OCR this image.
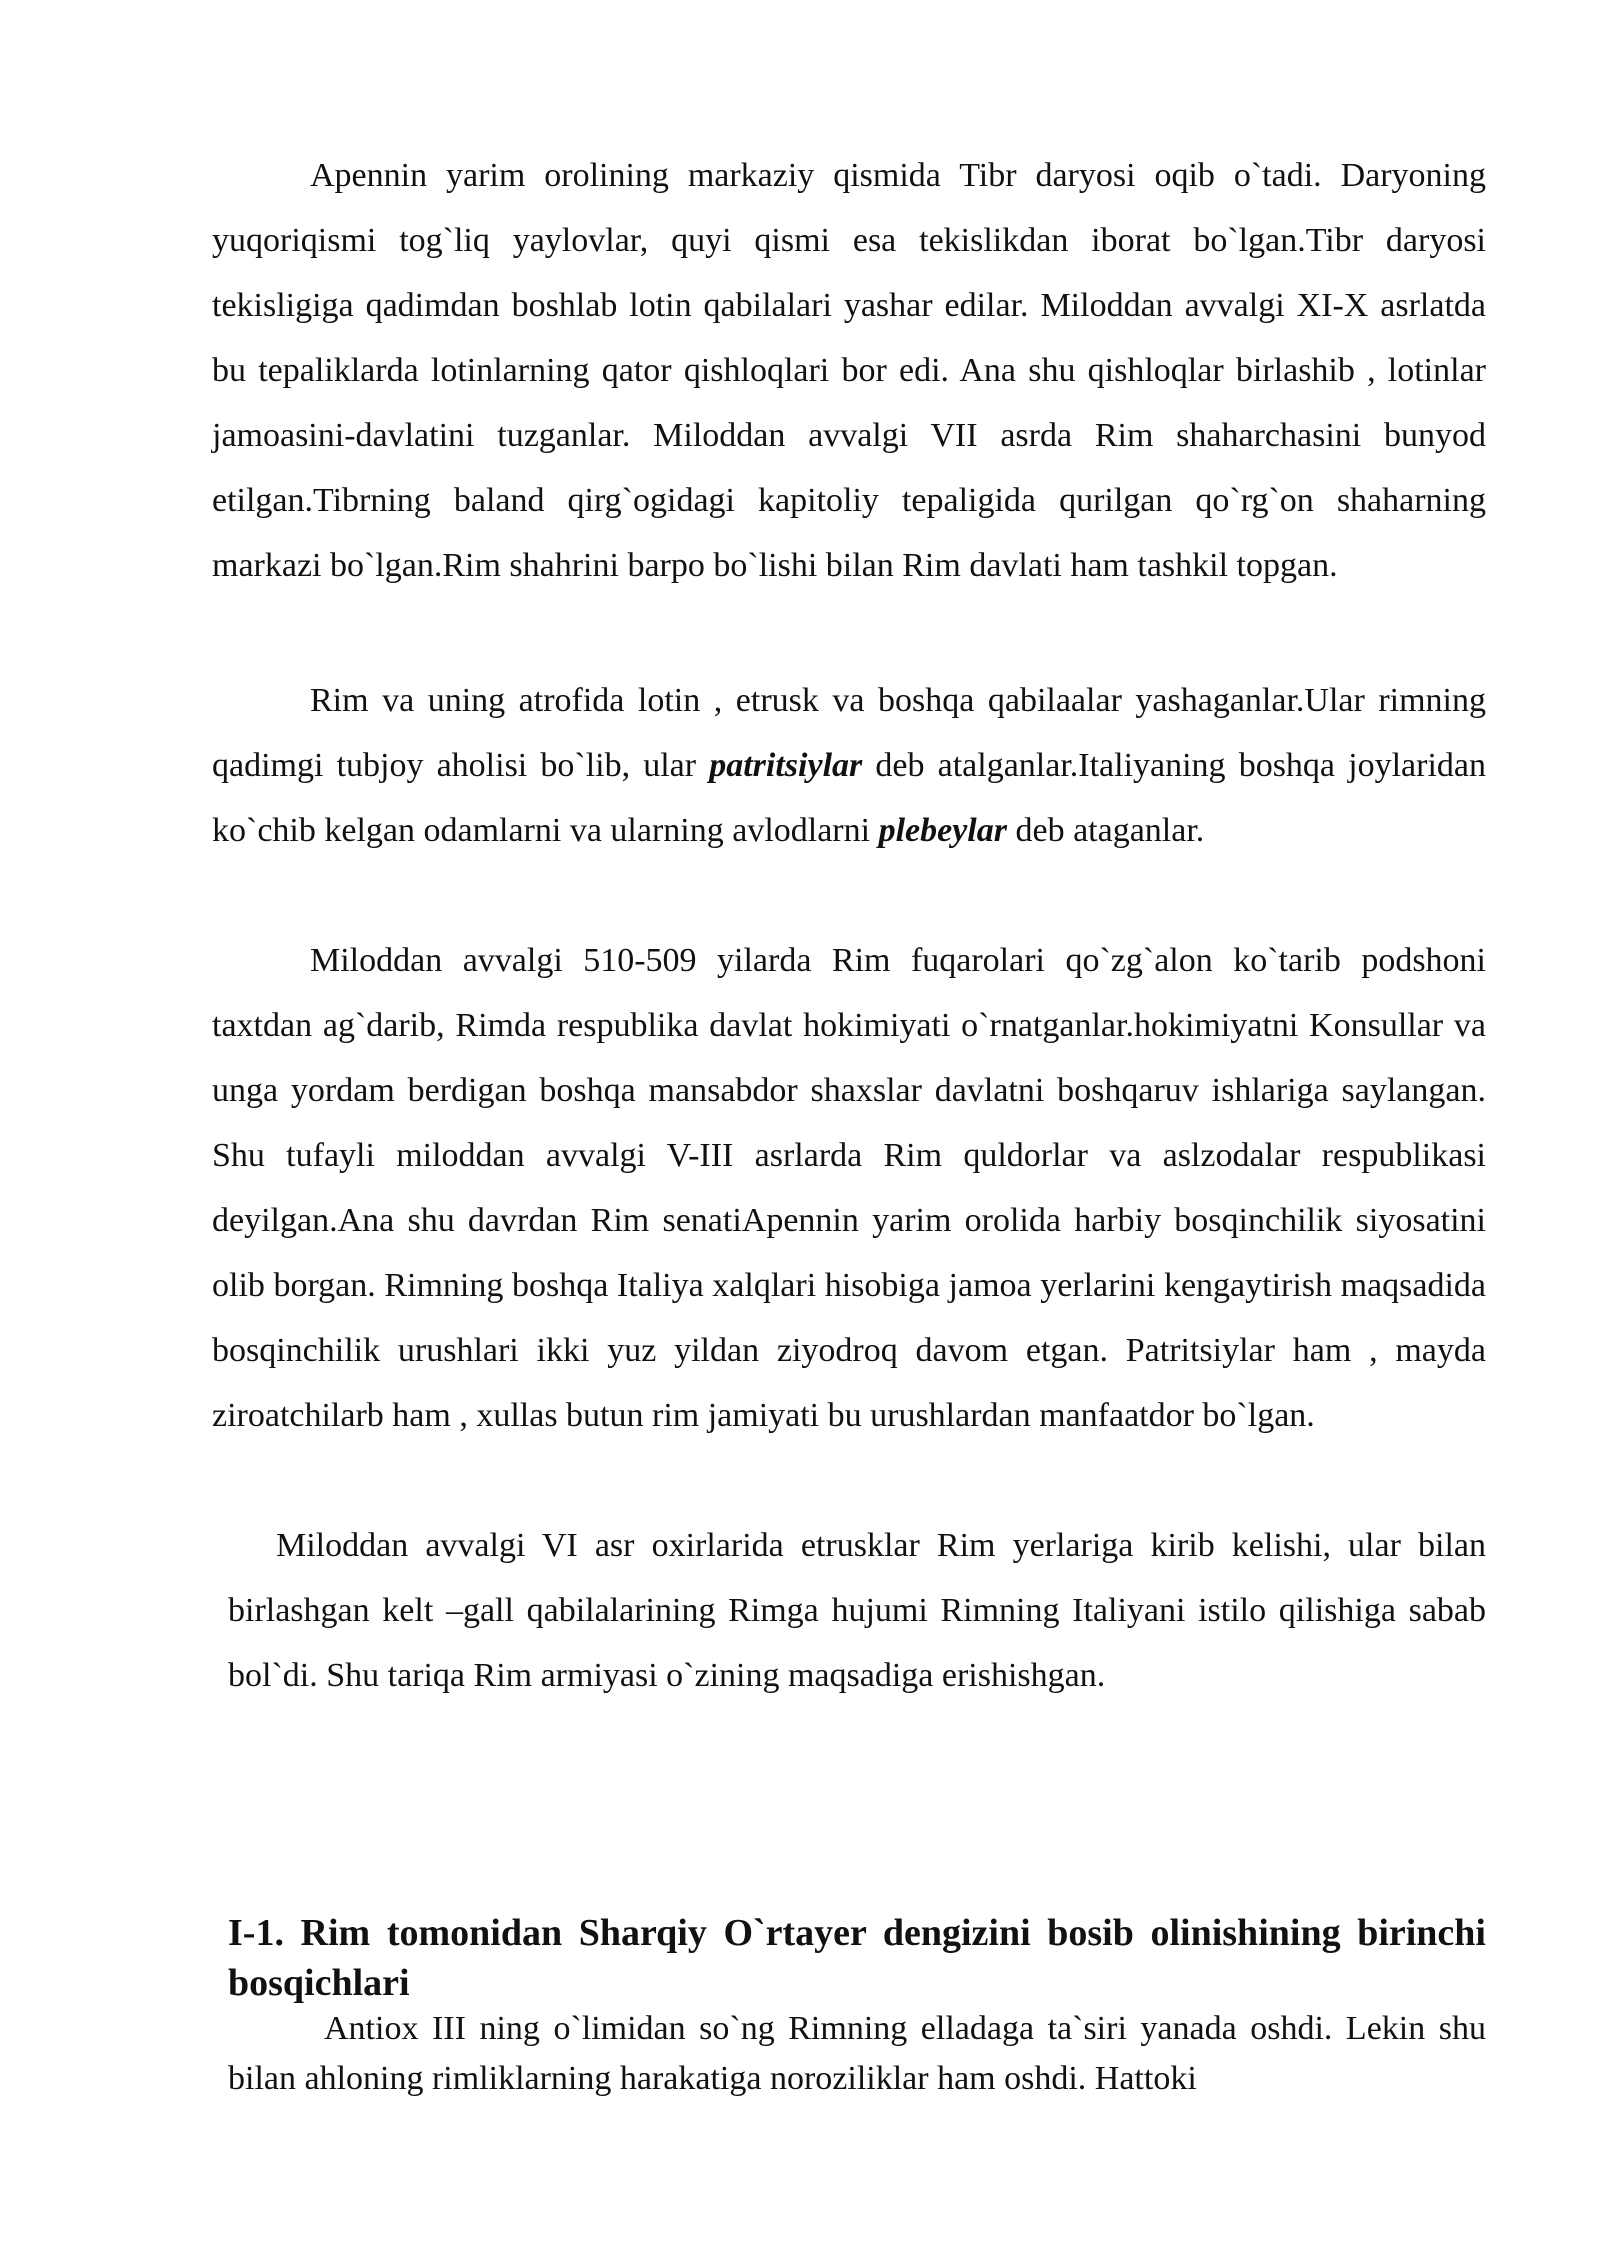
Apennin yarim orolining markaziy qismida Tibr daryosi oqib o`tadi. Daryoning yuqoriqismi tog`liq yaylovlar, quyi qismi esa tekislikdan iborat bo`lgan.Tibr daryosi tekisligiga qadimdan boshlab lotin qabilalari yashar edilar. Miloddan avvalgi XI-X asrlatda bu tepaliklarda lotinlarning qator qishloqlari bor edi. Ana shu qishloqlar birlashib , lotinlar jamoasini-davlatini tuzganlar. Miloddan avvalgi VII asrda Rim shaharchasini bunyod etilgan.Tibrning baland qirg`ogidagi kapitoliy tepaligida qurilgan qo`rg`on shaharning markazi bo`lgan.Rim shahrini barpo bo`lishi bilan Rim davlati ham tashkil topgan.

Rim va uning atrofida lotin , etrusk va boshqa qabilaalar yashaganlar.Ular rimning qadimgi tubjoy aholisi bo`lib, ular patritsiylar deb atalganlar.Italiyaning boshqa joylaridan ko`chib kelgan odamlarni va ularning avlodlarni plebeylar deb ataganlar.

Miloddan avvalgi 510-509 yilarda Rim fuqarolari qo`zg`alon ko`tarib podshoni taxtdan ag`darib, Rimda respublika davlat hokimiyati o`rnatganlar.hokimiyatni Konsullar va unga yordam berdigan boshqa mansabdor shaxslar davlatni boshqaruv ishlariga saylangan. Shu tufayli miloddan avvalgi V-III asrlarda Rim quldorlar va aslzodalar respublikasi deyilgan.Ana shu davrdan Rim senatiApennin yarim orolida harbiy bosqinchilik siyosatini olib borgan. Rimning boshqa Italiya xalqlari hisobiga jamoa yerlarini kengaytirish maqsadida bosqinchilik urushlari ikki yuz yildan ziyodroq davom etgan. Patritsiylar ham , mayda ziroatchilarb ham , xullas butun rim jamiyati bu urushlardan manfaatdor bo`lgan.

Miloddan avvalgi VI asr oxirlarida etrusklar Rim yerlariga kirib kelishi, ular bilan birlashgan kelt –gall qabilalarining Rimga hujumi Rimning Italiyani istilo qilishiga sabab bol`di. Shu tariqa Rim armiyasi o`zining maqsadiga erishishgan.

I-1. Rim tomonidan Sharqiy O`rtayer dengizini bosib olinishining birinchi bosqichlari

Antiox III ning o`limidan so`ng Rimning elladaga ta`siri yanada oshdi. Lekin shu bilan ahloning rimliklarning harakatiga noroziliklar ham oshdi. Hattoki
